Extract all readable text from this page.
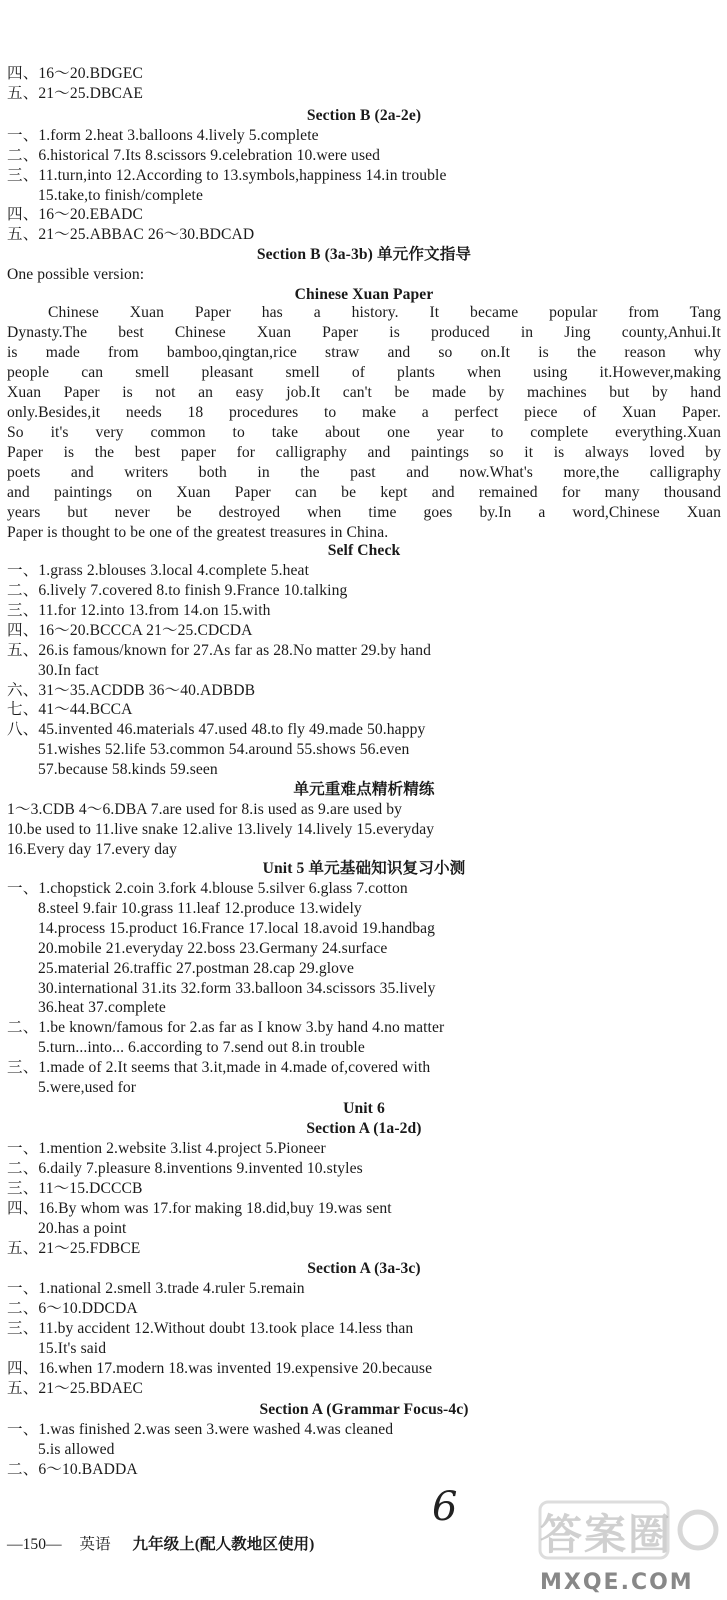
四、16～20.BDGEC
五、21～25.DBCAE
Section B (2a-2e)
一、1.form 2.heat 3.balloons 4.lively 5.complete
二、6.historical 7.Its 8.scissors 9.celebration 10.were used
三、11.turn,into 12.According to 13.symbols,happiness 14.in trouble
15.take,to finish/complete
四、16～20.EBADC
五、21～25.ABBAC 26～30.BDCAD
Section B (3a-3b) 单元作文指导
One possible version:
Chinese Xuan Paper
Chinese Xuan Paper has a history. It became popular from Tang
Dynasty.The best Chinese Xuan Paper is produced in Jing county,Anhui.It
is made from bamboo,qingtan,rice straw and so on.It is the reason why
people can smell pleasant smell of plants when using it.However,making
Xuan Paper is not an easy job.It can't be made by machines but by hand
only.Besides,it needs 18 procedures to make a perfect piece of Xuan Paper.
So it's very common to take about one year to complete everything.Xuan
Paper is the best paper for calligraphy and paintings so it is always loved by
poets and writers both in the past and now.What's more,the calligraphy
and paintings on Xuan Paper can be kept and remained for many thousand
years but never be destroyed when time goes by.In a word,Chinese Xuan
Paper is thought to be one of the greatest treasures in China.
Self Check
一、1.grass 2.blouses 3.local 4.complete 5.heat
二、6.lively 7.covered 8.to finish 9.France 10.talking
三、11.for 12.into 13.from 14.on 15.with
四、16～20.BCCCA 21～25.CDCDA
五、26.is famous/known for 27.As far as 28.No matter 29.by hand
30.In fact
六、31～35.ACDDB 36～40.ADBDB
七、41～44.BCCA
八、45.invented 46.materials 47.used 48.to fly 49.made 50.happy
51.wishes 52.life 53.common 54.around 55.shows 56.even
57.because 58.kinds 59.seen
单元重难点精析精练
1～3.CDB 4～6.DBA 7.are used for 8.is used as 9.are used by
10.be used to 11.live snake 12.alive 13.lively 14.lively 15.everyday
16.Every day 17.every day
Unit 5 单元基础知识复习小测
一、1.chopstick 2.coin 3.fork 4.blouse 5.silver 6.glass 7.cotton
8.steel 9.fair 10.grass 11.leaf 12.produce 13.widely
14.process 15.product 16.France 17.local 18.avoid 19.handbag
20.mobile 21.everyday 22.boss 23.Germany 24.surface
25.material 26.traffic 27.postman 28.cap 29.glove
30.international 31.its 32.form 33.balloon 34.scissors 35.lively
36.heat 37.complete
二、1.be known/famous for 2.as far as I know 3.by hand 4.no matter
5.turn...into... 6.according to 7.send out 8.in trouble
三、1.made of 2.It seems that 3.it,made in 4.made of,covered with
5.were,used for
Unit 6
Section A (1a-2d)
一、1.mention 2.website 3.list 4.project 5.Pioneer
二、6.daily 7.pleasure 8.inventions 9.invented 10.styles
三、11～15.DCCCB
四、16.By whom was 17.for making 18.did,buy 19.was sent
20.has a point
五、21～25.FDBCE
Section A (3a-3c)
一、1.national 2.smell 3.trade 4.ruler 5.remain
二、6～10.DDCDA
三、11.by accident 12.Without doubt 13.took place 14.less than
15.It's said
四、16.when 17.modern 18.was invented 19.expensive 20.because
五、21～25.BDAEC
Section A (Grammar Focus-4c)
一、1.was finished 2.was seen 3.were washed 4.was cleaned
5.is allowed
二、6～10.BADDA
6
—150— 英语 九年级上(配人教地区使用)	答案圈
MXQE.COM
